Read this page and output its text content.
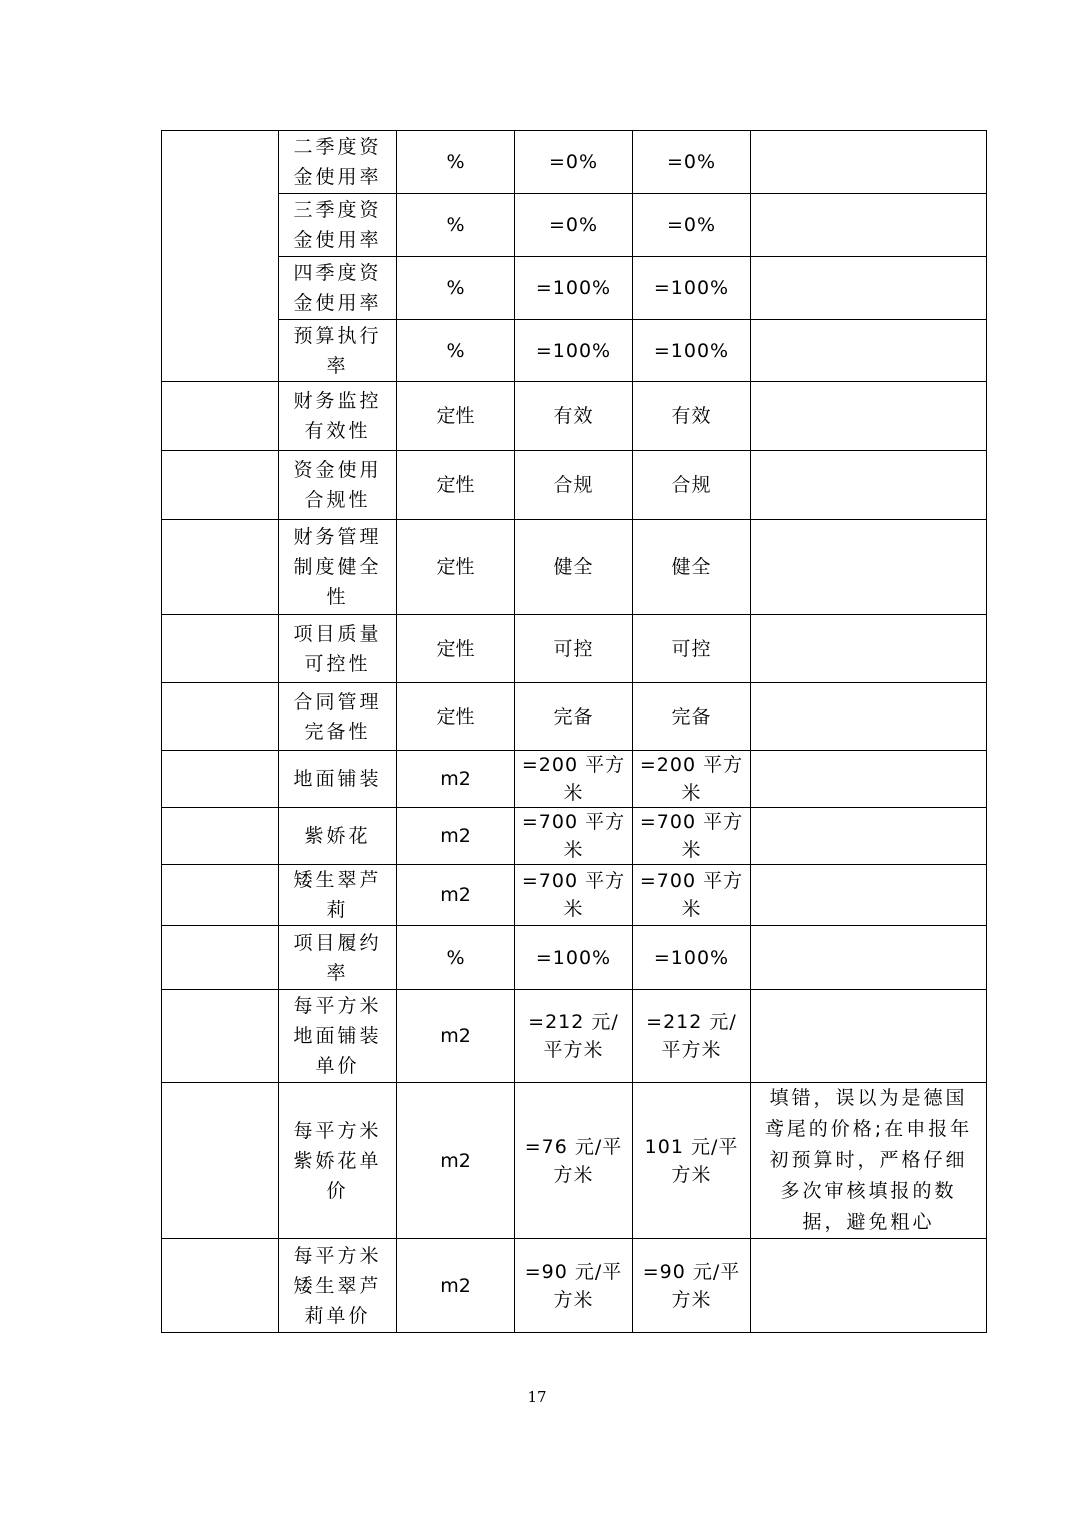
	二季度资金使用率	%	=0%	=0%	
	三季度资金使用率	%	=0%	=0%	
	四季度资金使用率	%	=100%	=100%	
	预算执行率	%	=100%	=100%	
	财务监控有效性	定性	有效	有效	
	资金使用合规性	定性	合规	合规	
	财务管理制度健全性	定性	健全	健全	
	项目质量可控性	定性	可控	可控	
	合同管理完备性	定性	完备	完备	
	地面铺装	m2	=200 平方米	=200 平方米	
	紫娇花	m2	=700 平方米	=700 平方米	
	矮生翠芦莉	m2	=700 平方米	=700 平方米	
	项目履约率	%	=100%	=100%	
	每平方米地面铺装单价	m2	=212 元/平方米	=212 元/平方米	
	每平方米紫娇花单价	m2	=76 元/平方米	101 元/平方米	填错，误以为是德国鸢尾的价格;在申报年初预算时，严格仔细多次审核填报的数据，避免粗心
	每平方米矮生翠芦莉单价	m2	=90 元/平方米	=90 元/平方米	
17
